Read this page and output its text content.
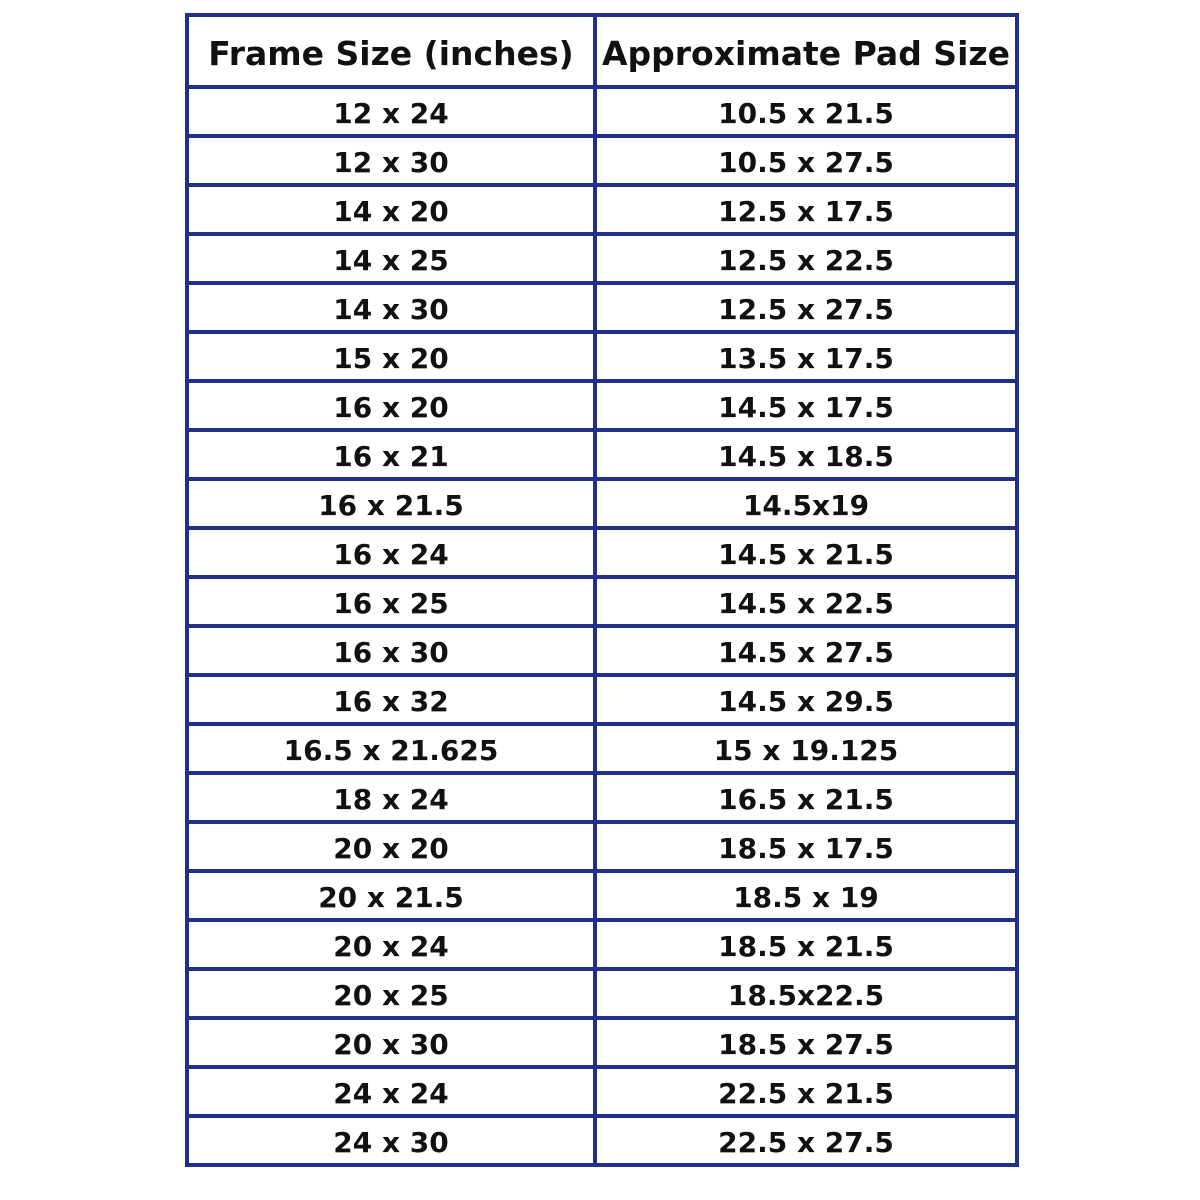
Frame Size (inches)	Approximate Pad Size
12 x 24	10.5 x 21.5
12 x 30	10.5 x 27.5
14 x 20	12.5 x 17.5
14 x 25	12.5 x 22.5
14 x 30	12.5 x 27.5
15 x 20	13.5 x 17.5
16 x 20	14.5 x 17.5
16 x 21	14.5 x 18.5
16 x 21.5	14.5x19
16 x 24	14.5 x 21.5
16 x 25	14.5 x 22.5
16 x 30	14.5 x 27.5
16 x 32	14.5 x 29.5
16.5 x 21.625	15 x 19.125
18 x 24	16.5 x 21.5
20 x 20	18.5 x 17.5
20 x 21.5	18.5 x 19
20 x 24	18.5 x 21.5
20 x 25	18.5x22.5
20 x 30	18.5 x 27.5
24 x 24	22.5 x 21.5
24 x 30	22.5 x 27.5
